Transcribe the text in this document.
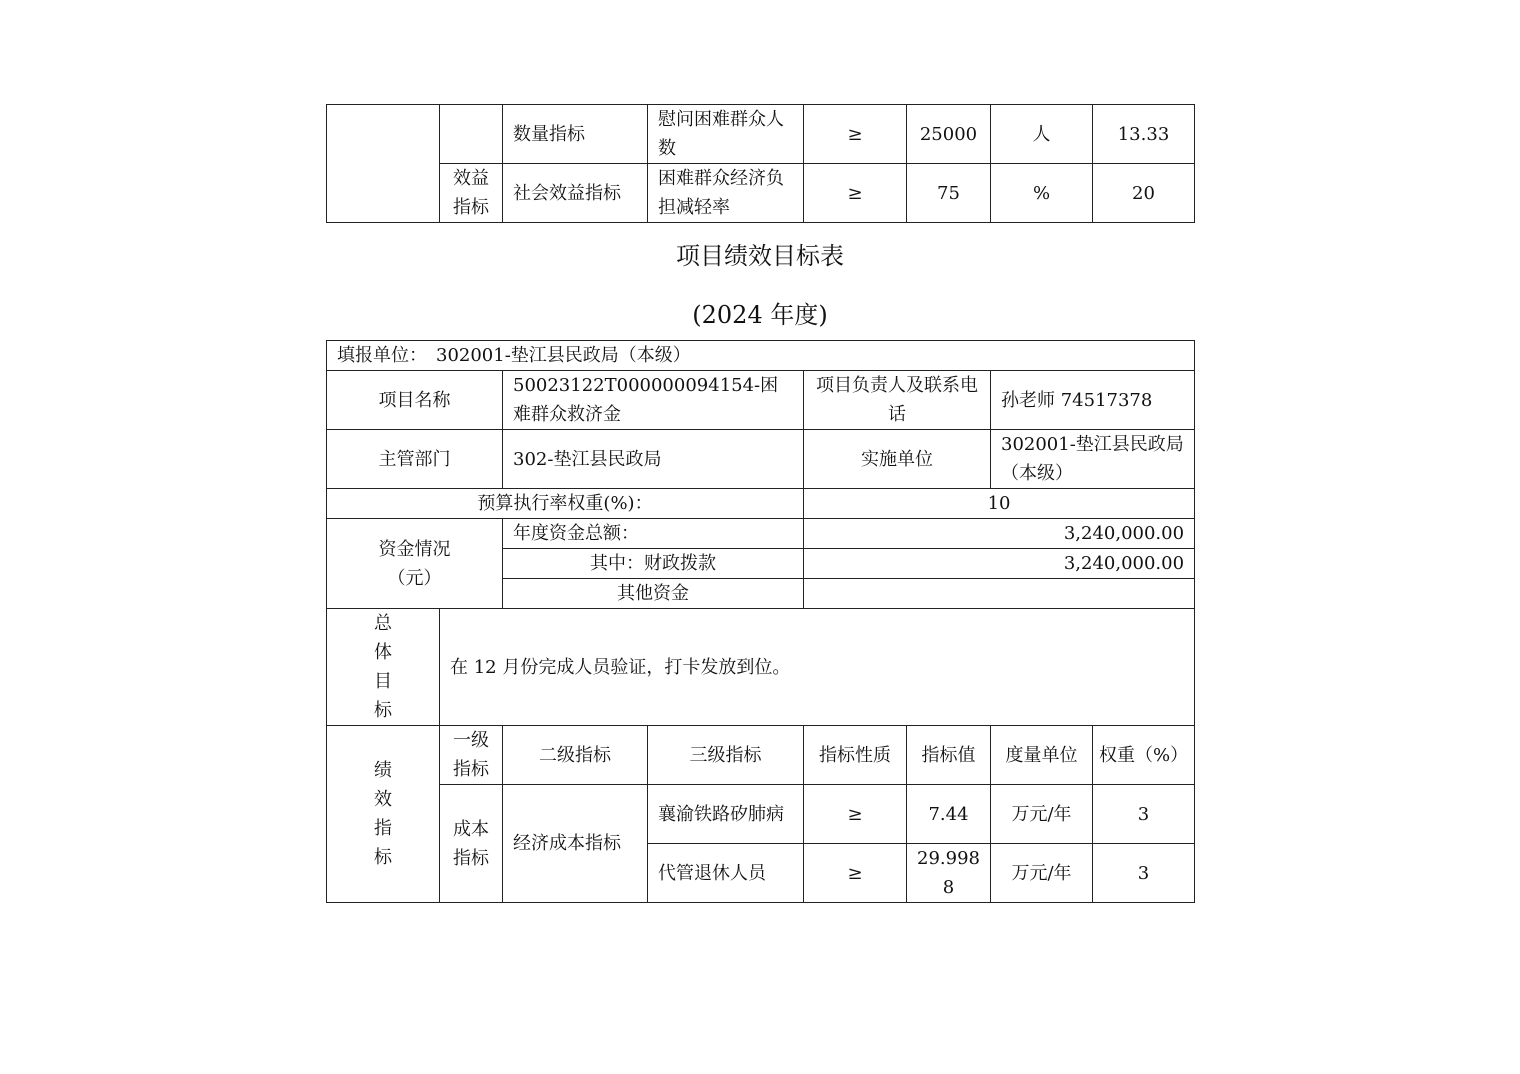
		数量指标	慰问困难群众人数	≥	25000	人	13.33
	效益指标	社会效益指标	困难群众经济负担减轻率	≥	75	%	20
项目绩效目标表
(2024 年度)
填报单位：　302001-垫江县民政局（本级）							
项目名称		50023122T000000094154-困难群众救济金		项目负责人及联系电话		孙老师 74517378	
主管部门		302-垫江县民政局		实施单位		302001-垫江县民政局（本级）	
预算执行率权重(%)：				10			
资金情况（元）		年度资金总额：		3,240,000.00			
		其中：财政拨款		3,240,000.00			
		其他资金					
总体目标	在 12 月份完成人员验证，打卡发放到位。						
绩效指标	一级指标	二级指标	三级指标	指标性质	指标值	度量单位	权重（%）
	成本指标	经济成本指标	襄渝铁路矽肺病	≥	7.44	万元/年	3
			代管退休人员	≥	29.9988	万元/年	3
